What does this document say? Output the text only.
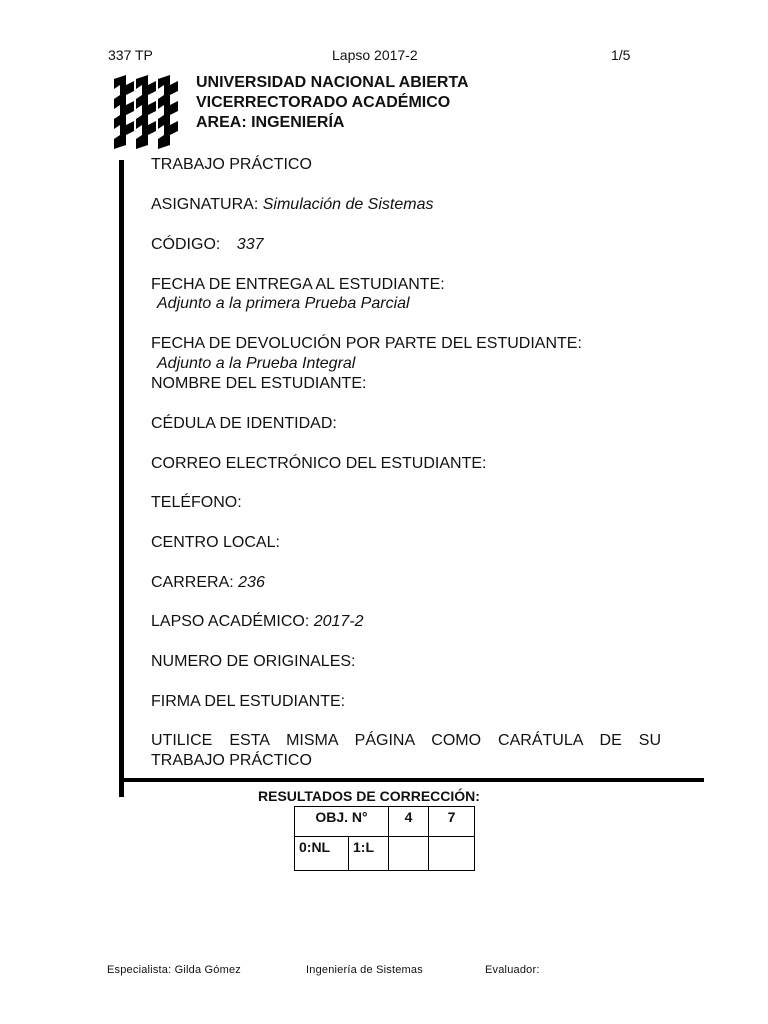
337 TP	Lapso 2017-2	1/5
UNIVERSIDAD NACIONAL ABIERTA
VICERRECTORADO ACADÉMICO
AREA: INGENIERÍA
TRABAJO PRÁCTICO
ASIGNATURA: Simulación de Sistemas
CÓDIGO: 337
FECHA DE ENTREGA AL ESTUDIANTE:
Adjunto a la primera Prueba Parcial
FECHA DE DEVOLUCIÓN POR PARTE DEL ESTUDIANTE:
Adjunto a la Prueba Integral
NOMBRE DEL ESTUDIANTE:
CÉDULA DE IDENTIDAD:
CORREO ELECTRÓNICO DEL ESTUDIANTE:
TELÉFONO:
CENTRO LOCAL:
CARRERA: 236
LAPSO ACADÉMICO: 2017-2
NUMERO DE ORIGINALES:
FIRMA DEL ESTUDIANTE:
UTILICE ESTA MISMA PÁGINA COMO CARÁTULA DE SU
TRABAJO PRÁCTICO
RESULTADOS DE CORRECCIÓN:
OBJ. N°		4	7
0:NL	1:L		
Especialista: Gilda Gómez	Ingeniería de Sistemas	Evaluador:
